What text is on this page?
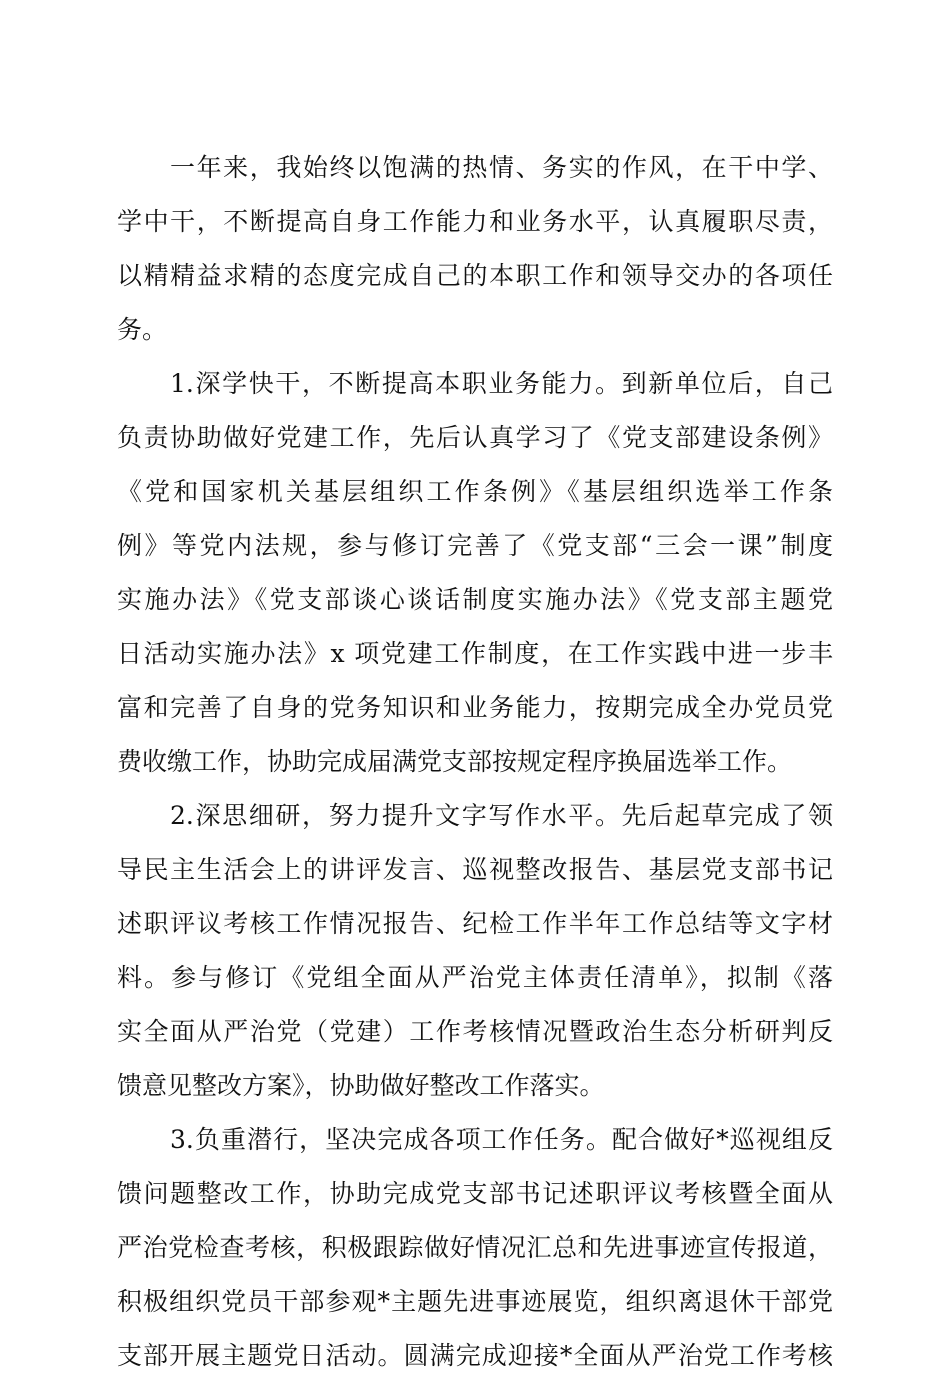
一年来，我始终以饱满的热情、务实的作风，在干中学、
学中干，不断提高自身工作能力和业务水平，认真履职尽责，
以精精益求精的态度完成自己的本职工作和领导交办的各项任
务。
1.深学快干，不断提高本职业务能力。到新单位后，自己
负责协助做好党建工作，先后认真学习了《党支部建设条例》
《党和国家机关基层组织工作条例》《基层组织选举工作条
例》等党内法规，参与修订完善了《党支部“三会一课”制度
实施办法》《党支部谈心谈话制度实施办法》《党支部主题党
日活动实施办法》x 项党建工作制度，在工作实践中进一步丰
富和完善了自身的党务知识和业务能力，按期完成全办党员党
费收缴工作，协助完成届满党支部按规定程序换届选举工作。
2.深思细研，努力提升文字写作水平。先后起草完成了领
导民主生活会上的讲评发言、巡视整改报告、基层党支部书记
述职评议考核工作情况报告、纪检工作半年工作总结等文字材
料。参与修订《党组全面从严治党主体责任清单》，拟制《落
实全面从严治党（党建）工作考核情况暨政治生态分析研判反
馈意见整改方案》，协助做好整改工作落实。
3.负重潜行，坚决完成各项工作任务。配合做好*巡视组反
馈问题整改工作，协助完成党支部书记述职评议考核暨全面从
严治党检查考核，积极跟踪做好情况汇总和先进事迹宣传报道，
积极组织党员干部参观*主题先进事迹展览，组织离退休干部党
支部开展主题党日活动。圆满完成迎接*全面从严治党工作考核
